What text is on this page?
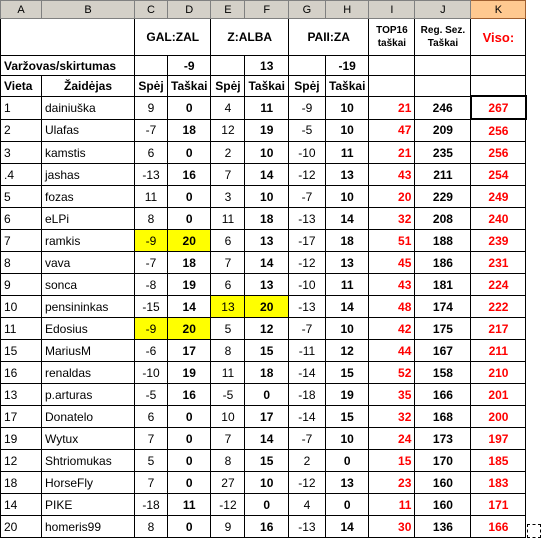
A	B	C	D	E	F	G	H	I	J	K
		GAL:ZAL		Z:ALBA		PAII:ZA		TOP16 taškai	Reg. Sez. Taškai	Viso:
Varžovas/skirtumas			-9		13		-19			
Vieta	Žaidėjas	Spėj	Taškai	Spėj	Taškai	Spėj	Taškai			
1	dainiuška	9	0	4	11	-9	10	21	246	267
2	Ulafas	-7	18	12	19	-5	10	47	209	256
3	kamstis	6	0	2	10	-10	11	21	235	256
.4	jashas	-13	16	7	14	-12	13	43	211	254
5	fozas	11	0	3	10	-7	10	20	229	249
6	eLPi	8	0	11	18	-13	14	32	208	240
7	ramkis	-9	20	6	13	-17	18	51	188	239
8	vava	-7	18	7	14	-12	13	45	186	231
9	sonca	-8	19	6	13	-10	11	43	181	224
10	pensininkas	-15	14	13	20	-13	14	48	174	222
11	Edosius	-9	20	5	12	-7	10	42	175	217
15	MariusM	-6	17	8	15	-11	12	44	167	211
16	renaldas	-10	19	11	18	-14	15	52	158	210
13	p.arturas	-5	16	-5	0	-18	19	35	166	201
17	Donatelo	6	0	10	17	-14	15	32	168	200
19	Wytux	7	0	7	14	-7	10	24	173	197
12	Shtriomukas	5	0	8	15	2	0	15	170	185
18	HorseFly	7	0	27	10	-12	13	23	160	183
14	PIKE	-18	11	-12	0	4	0	11	160	171
20	homeris99	8	0	9	16	-13	14	30	136	166
